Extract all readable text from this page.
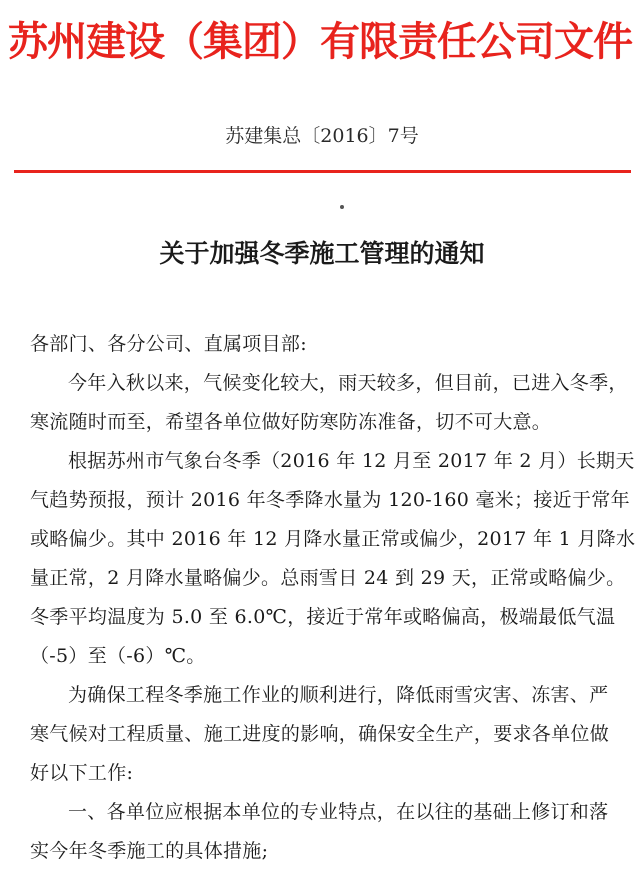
苏州建设（集团）有限责任公司文件
苏建集总〔2016〕7号
关于加强冬季施工管理的通知

各部门、各分公司、直属项目部:

今年入秋以来，气候变化较大，雨天较多，但目前，已进入冬季，

寒流随时而至，希望各单位做好防寒防冻准备，切不可大意。

根据苏州市气象台冬季（2016 年 12 月至 2017 年 2 月）长期天

气趋势预报，预计 2016 年冬季降水量为 120-160 毫米；接近于常年

或略偏少。其中 2016 年 12 月降水量正常或偏少，2017 年 1 月降水

量正常，2 月降水量略偏少。总雨雪日 24 到 29 天，正常或略偏少。

冬季平均温度为 5.0 至 6.0℃，接近于常年或略偏高，极端最低气温

（-5）至（-6）℃。

为确保工程冬季施工作业的顺利进行，降低雨雪灾害、冻害、严

寒气候对工程质量、施工进度的影响，确保安全生产，要求各单位做

好以下工作:

一、各单位应根据本单位的专业特点，在以往的基础上修订和落

实今年冬季施工的具体措施;
